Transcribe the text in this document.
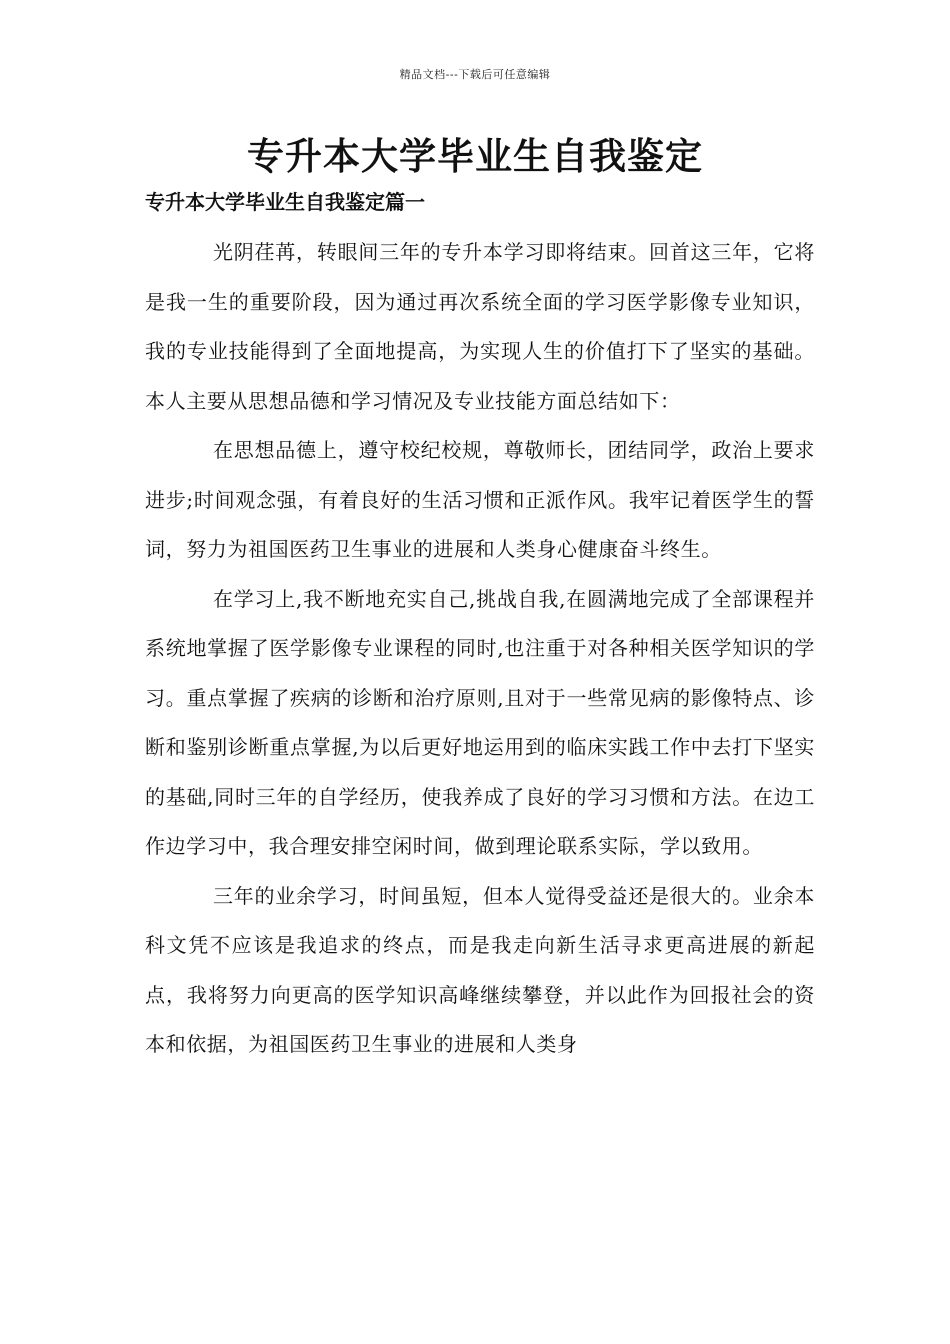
精品文档---下载后可任意编辑
专升本大学毕业生自我鉴定
专升本大学毕业生自我鉴定篇一

光阴荏苒，转眼间三年的专升本学习即将结束。回首这三年，它将是我一生的重要阶段，因为通过再次系统全面的学习医学影像专业知识，我的专业技能得到了全面地提高，为实现人生的价值打下了坚实的基础。本人主要从思想品德和学习情况及专业技能方面总结如下：

在思想品德上，遵守校纪校规，尊敬师长，团结同学，政治上要求进步;时间观念强，有着良好的生活习惯和正派作风。我牢记着医学生的誓词，努力为祖国医药卫生事业的进展和人类身心健康奋斗终生。

在学习上,我不断地充实自己,挑战自我,在圆满地完成了全部课程并系统地掌握了医学影像专业课程的同时,也注重于对各种相关医学知识的学习。重点掌握了疾病的诊断和治疗原则,且对于一些常见病的影像特点、诊断和鉴别诊断重点掌握,为以后更好地运用到的临床实践工作中去打下坚实的基础,同时三年的自学经历，使我养成了良好的学习习惯和方法。在边工作边学习中，我合理安排空闲时间，做到理论联系实际，学以致用。

三年的业余学习，时间虽短，但本人觉得受益还是很大的。业余本科文凭不应该是我追求的终点，而是我走向新生活寻求更高进展的新起点，我将努力向更高的医学知识高峰继续攀登，并以此作为回报社会的资本和依据，为祖国医药卫生事业的进展和人类身
